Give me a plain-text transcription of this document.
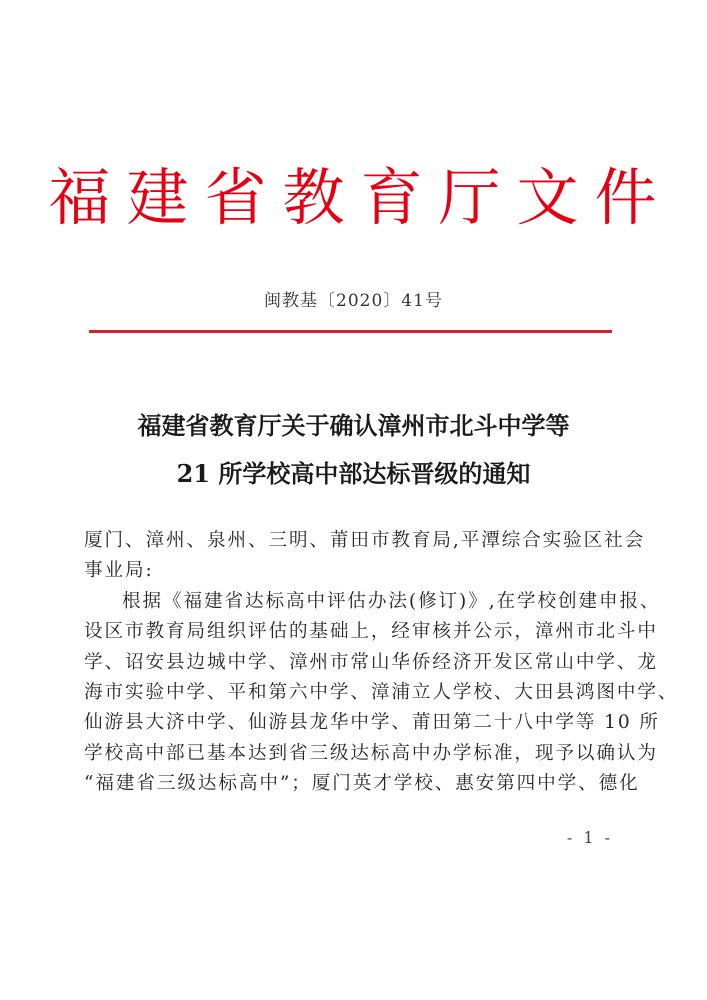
福建省教育厅文件
闽教基〔2020〕41号
福建省教育厅关于确认漳州市北斗中学等
21 所学校高中部达标晋级的通知
厦门、漳州、泉州、三明、莆田市教育局,平潭综合实验区社会
事业局:
根据《福建省达标高中评估办法(修订)》,在学校创建申报、
设区市教育局组织评估的基础上，经审核并公示，漳州市北斗中
学、诏安县边城中学、漳州市常山华侨经济开发区常山中学、龙
海市实验中学、平和第六中学、漳浦立人学校、大田县鸿图中学、
仙游县大济中学、仙游县龙华中学、莆田第二十八中学等 10 所
学校高中部已基本达到省三级达标高中办学标准，现予以确认为
“福建省三级达标高中”；厦门英才学校、惠安第四中学、德化
- 1 -
